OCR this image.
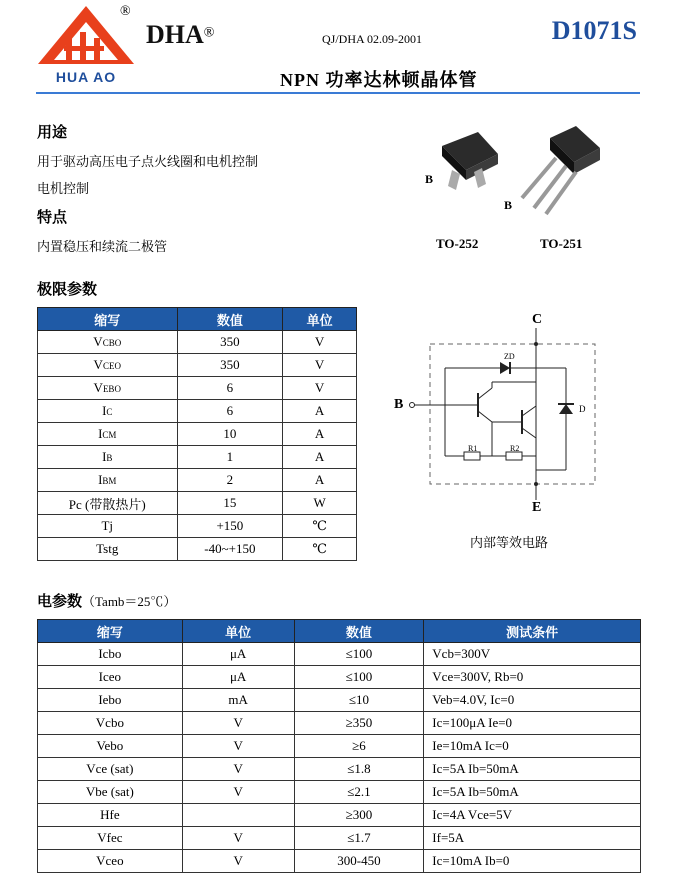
HUA AO
®
DHA®	QJ/DHA 02.09-2001	D1071S
NPN 功率达林顿晶体管
用途
用于驱动高压电子点火线圈和电机控制
电机控制
特点
内置稳压和续流二极管
B
B
TO-252	TO-251
极限参数
缩写	数值	单位
VCBO	350	V
VCEO	350	V
VEBO	6	V
IC	6	A
ICM	10	A
IB	1	A
IBM	2	A
Pc (带散热片)	15	W
Tj	+150	℃
Tstg	-40~+150	℃
C
B
E
ZD
D
R1	R2
内部等效电路
电参数（Tamb＝25℃）
缩写	单位	数值	测试条件
Icbo	μA	≤100	Vcb=300V
Iceo	μA	≤100	Vce=300V, Rb=0
Iebo	mA	≤10	Veb=4.0V, Ic=0
Vcbo	V	≥350	Ic=100μA Ie=0
Vebo	V	≥6	Ie=10mA Ic=0
Vce (sat)	V	≤1.8	Ic=5A Ib=50mA
Vbe (sat)	V	≤2.1	Ic=5A Ib=50mA
Hfe		≥300	Ic=4A Vce=5V
Vfec	V	≤1.7	If=5A
Vceo	V	300-450	Ic=10mA Ib=0
